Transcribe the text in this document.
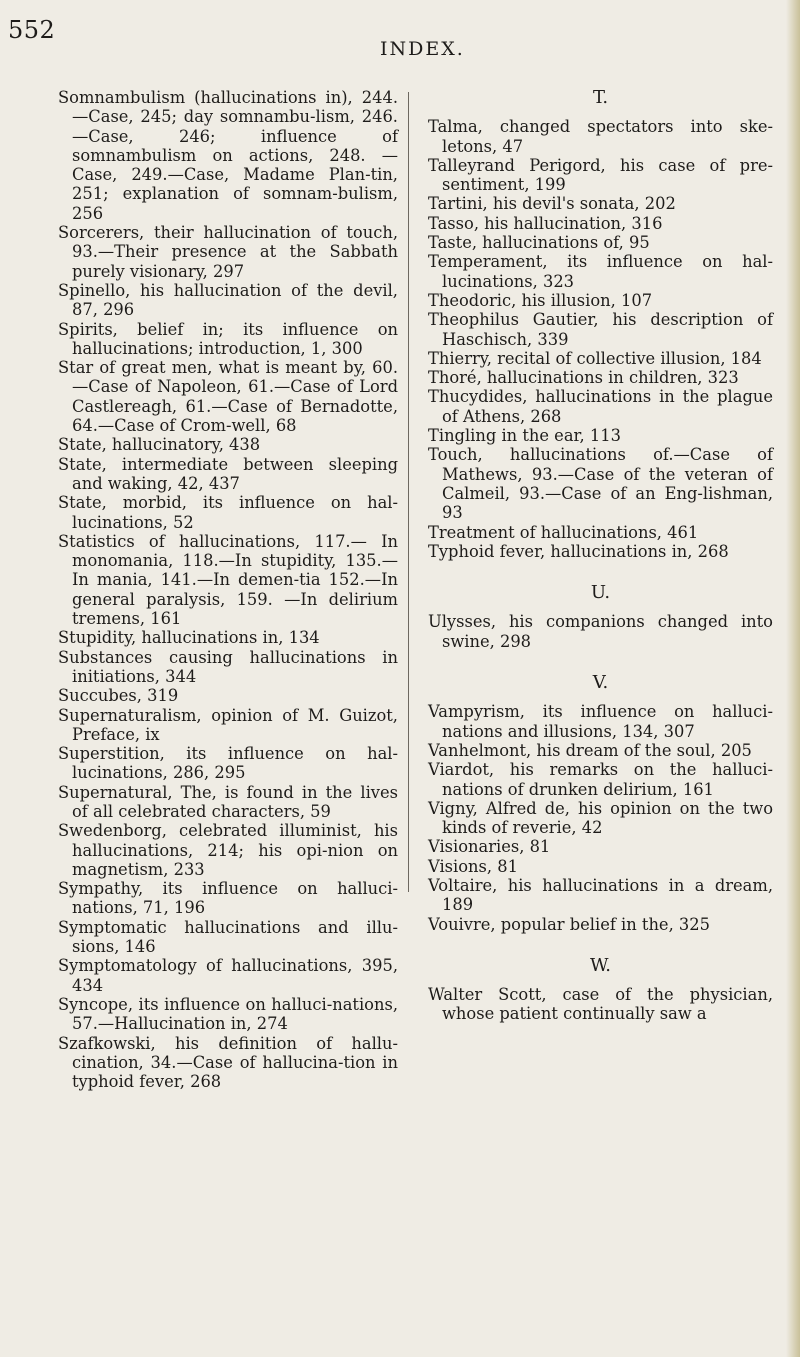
552
INDEX.

Somnambulism (hallucinations in), 244.—Case, 245; day somnambu-lism, 246.—Case, 246; influence of somnambulism on actions, 248. —Case, 249.—Case, Madame Plan-tin, 251; explanation of somnam-bulism, 256

Sorcerers, their hallucination of touch, 93.—Their presence at the Sabbath purely visionary, 297

Spinello, his hallucination of the devil, 87, 296

Spirits, belief in; its influence on hallucinations; introduction, 1, 300

Star of great men, what is meant by, 60.—Case of Napoleon, 61.—Case of Lord Castlereagh, 61.—Case of Bernadotte, 64.—Case of Crom-well, 68

State, hallucinatory, 438

State, intermediate between sleeping and waking, 42, 437

State, morbid, its influence on hal-lucinations, 52

Statistics of hallucinations, 117.— In monomania, 118.—In stupidity, 135.—In mania, 141.—In demen-tia 152.—In general paralysis, 159. —In delirium tremens, 161

Stupidity, hallucinations in, 134

Substances causing hallucinations in initiations, 344

Succubes, 319

Supernaturalism, opinion of M. Guizot, Preface, ix

Superstition, its influence on hal-lucinations, 286, 295

Supernatural, The, is found in the lives of all celebrated characters, 59

Swedenborg, celebrated illuminist, his hallucinations, 214; his opi-nion on magnetism, 233

Sympathy, its influence on halluci-nations, 71, 196

Symptomatic hallucinations and illu-sions, 146

Symptomatology of hallucinations, 395, 434

Syncope, its influence on halluci-nations, 57.—Hallucination in, 274

Szafkowski, his definition of hallu-cination, 34.—Case of hallucina-tion in typhoid fever, 268

T.

Talma, changed spectators into ske-letons, 47

Talleyrand Perigord, his case of pre-sentiment, 199

Tartini, his devil's sonata, 202

Tasso, his hallucination, 316

Taste, hallucinations of, 95

Temperament, its influence on hal-lucinations, 323

Theodoric, his illusion, 107

Theophilus Gautier, his description of Haschisch, 339

Thierry, recital of collective illusion, 184

Thoré, hallucinations in children, 323

Thucydides, hallucinations in the plague of Athens, 268

Tingling in the ear, 113

Touch, hallucinations of.—Case of Mathews, 93.—Case of the veteran of Calmeil, 93.—Case of an Eng-lishman, 93

Treatment of hallucinations, 461

Typhoid fever, hallucinations in, 268

U.

Ulysses, his companions changed into swine, 298

V.

Vampyrism, its influence on halluci-nations and illusions, 134, 307

Vanhelmont, his dream of the soul, 205

Viardot, his remarks on the halluci-nations of drunken delirium, 161

Vigny, Alfred de, his opinion on the two kinds of reverie, 42

Visionaries, 81

Visions, 81

Voltaire, his hallucinations in a dream, 189

Vouivre, popular belief in the, 325

W.

Walter Scott, case of the physician, whose patient continually saw a
